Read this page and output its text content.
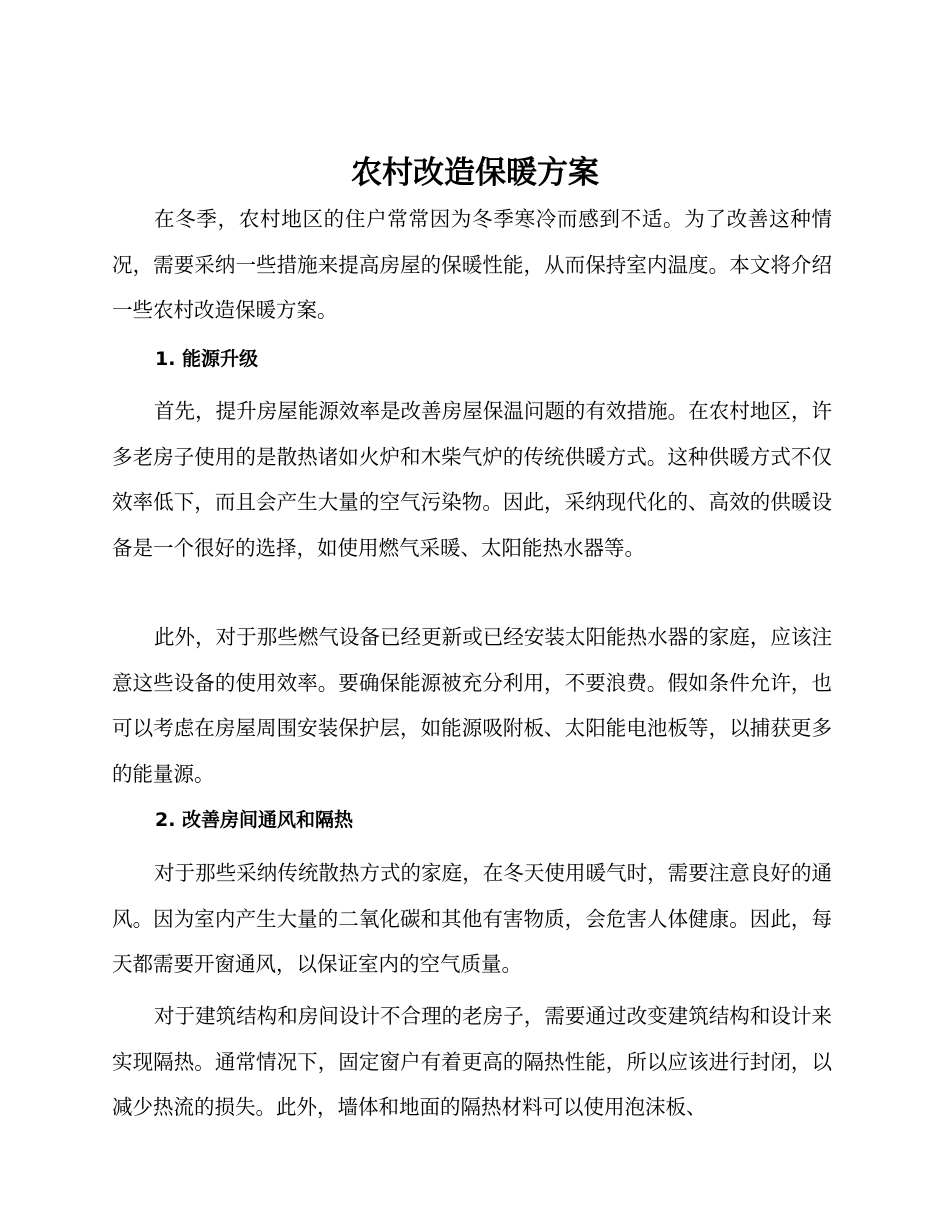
农村改造保暖方案

在冬季，农村地区的住户常常因为冬季寒冷而感到不适。为了改善这种情况，需要采纳一些措施来提高房屋的保暖性能，从而保持室内温度。本文将介绍一些农村改造保暖方案。

1. 能源升级

首先，提升房屋能源效率是改善房屋保温问题的有效措施。在农村地区，许多老房子使用的是散热诸如火炉和木柴气炉的传统供暖方式。这种供暖方式不仅效率低下，而且会产生大量的空气污染物。因此，采纳现代化的、高效的供暖设备是一个很好的选择，如使用燃气采暖、太阳能热水器等。

此外，对于那些燃气设备已经更新或已经安装太阳能热水器的家庭，应该注意这些设备的使用效率。要确保能源被充分利用，不要浪费。假如条件允许，也可以考虑在房屋周围安装保护层，如能源吸附板、太阳能电池板等，以捕获更多的能量源。

2. 改善房间通风和隔热

对于那些采纳传统散热方式的家庭，在冬天使用暖气时，需要注意良好的通风。因为室内产生大量的二氧化碳和其他有害物质，会危害人体健康。因此，每天都需要开窗通风，以保证室内的空气质量。

对于建筑结构和房间设计不合理的老房子，需要通过改变建筑结构和设计来实现隔热。通常情况下，固定窗户有着更高的隔热性能，所以应该进行封闭，以减少热流的损失。此外，墙体和地面的隔热材料可以使用泡沫板、
